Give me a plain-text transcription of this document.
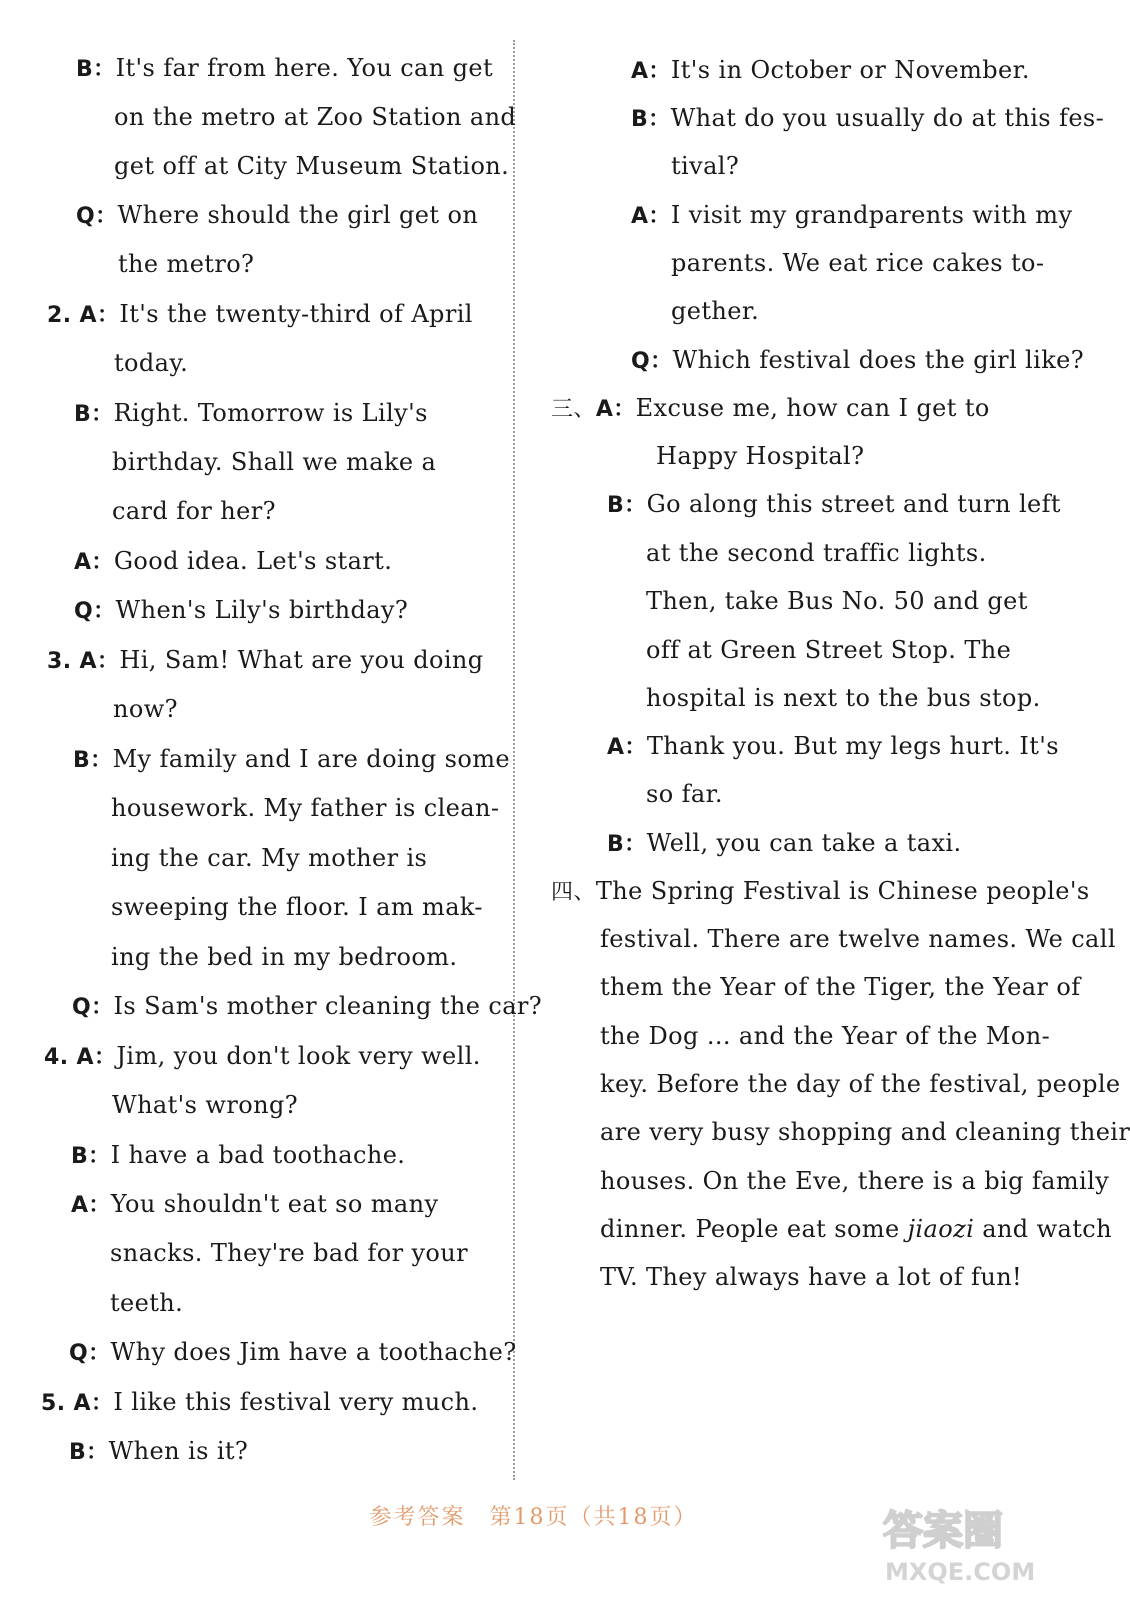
B：It's far from here. You can get
on the metro at Zoo Station and
get off at City Museum Station.
Q：Where should the girl get on
the metro?
2. A：It's the twenty-third of April
today.
B：Right. Tomorrow is Lily's
birthday. Shall we make a
card for her?
A：Good idea. Let's start.
Q：When's Lily's birthday?
3. A：Hi, Sam! What are you doing
now?
B：My family and I are doing some
housework. My father is clean-
ing the car. My mother is
sweeping the floor. I am mak-
ing the bed in my bedroom.
Q：Is Sam's mother cleaning the car?
4. A：Jim, you don't look very well.
What's wrong?
B：I have a bad toothache.
A：You shouldn't eat so many
snacks. They're bad for your
teeth.
Q：Why does Jim have a toothache?
5. A：I like this festival very much.
B：When is it?
A：It's in October or November.
B：What do you usually do at this fes-
tival?
A：I visit my grandparents with my
parents. We eat rice cakes to-
gether.
Q：Which festival does the girl like?
三、A：Excuse me, how can I get to
Happy Hospital?
B：Go along this street and turn left
at the second traffic lights.
Then, take Bus No. 50 and get
off at Green Street Stop. The
hospital is next to the bus stop.
A：Thank you. But my legs hurt. It's
so far.
B：Well, you can take a taxi.
四、The Spring Festival is Chinese people's
festival. There are twelve names. We call
them the Year of the Tiger, the Year of
the Dog ... and the Year of the Mon-
key. Before the day of the festival, people
are very busy shopping and cleaning their
houses. On the Eve, there is a big family
dinner. People eat some jiaozi and watch
TV. They always have a lot of fun!
参考答案　第18页（共18页）	答案圈
MXQE.COM
